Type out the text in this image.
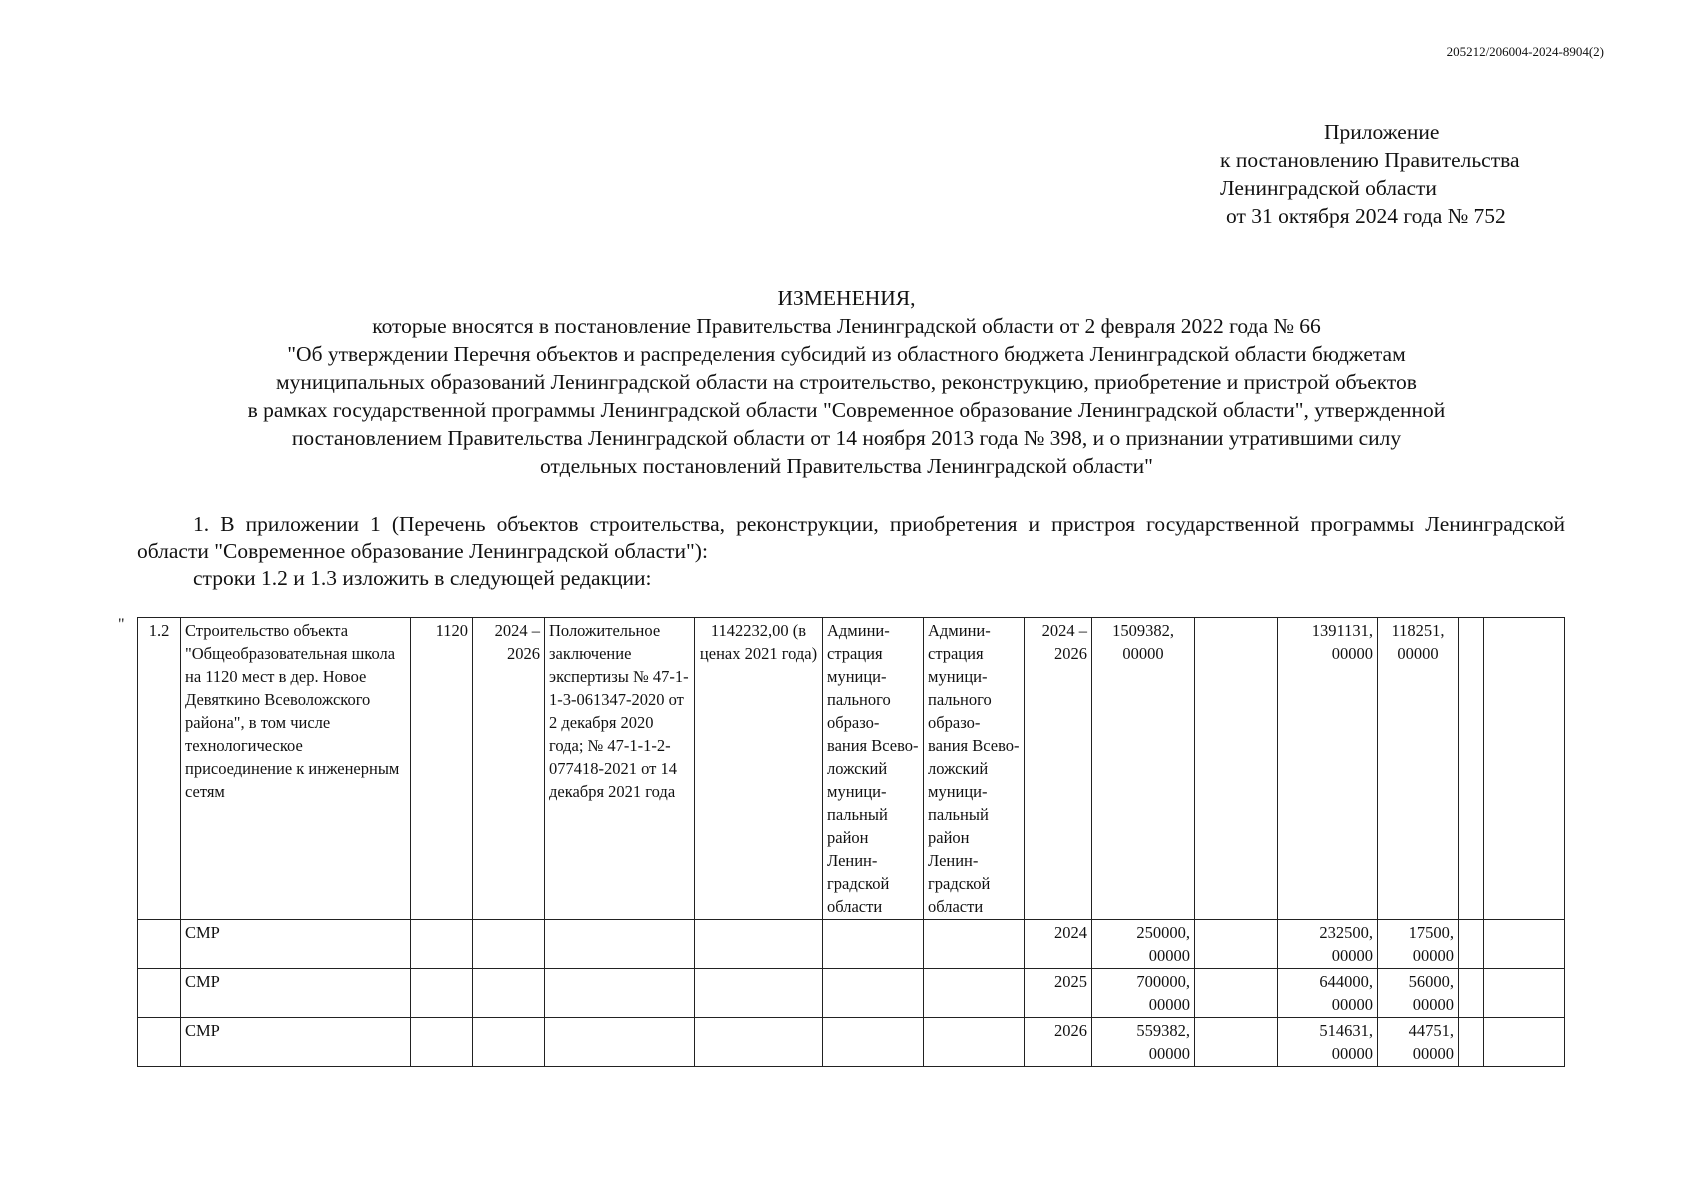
205212/206004-2024-8904(2)
Приложение
к постановлению Правительства
Ленинградской области
от 31 октября 2024 года № 752
ИЗМЕНЕНИЯ,
которые вносятся в постановление Правительства Ленинградской области от 2 февраля 2022 года № 66
"Об утверждении Перечня объектов и распределения субсидий из областного бюджета Ленинградской области бюджетам
муниципальных образований Ленинградской области на строительство, реконструкцию, приобретение и пристрой объектов
в рамках государственной программы Ленинградской области "Современное образование Ленинградской области", утвержденной
постановлением Правительства Ленинградской области от 14 ноября 2013 года № 398, и о признании утратившими силу
отдельных постановлений Правительства Ленинградской области"
1. В приложении 1 (Перечень объектов строительства, реконструкции, приобретения и пристроя государственной программы Ленинградской области "Современное образование Ленинградской области"):
строки 1.2 и 1.3 изложить в следующей редакции:
" 1.2	Строительство объекта "Общеобразовательная школа на 1120 мест в дер. Новое Девяткино Всеволожского района", в том числе технологическое присоединение к инженерным сетям	1120	2024 – 2026	Положительное заключение экспертизы № 47-1-1-3-061347-2020 от 2 декабря 2020 года; № 47-1-1-2-077418-2021 от 14 декабря 2021 года	1142232,00 (в ценах 2021 года)	Админи-страция муници-пального образо-вания Всево-ложский муници-пальный район Ленин-градской области	Админи-страция муници-пального образо-вания Всево-ложский муници-пальный район Ленин-градской области	2024 – 2026	1509382, 00000		1391131, 00000	118251, 00000		
	СМР							2024	250000, 00000		232500, 00000	17500, 00000		
	СМР							2025	700000, 00000		644000, 00000	56000, 00000		
	СМР							2026	559382, 00000		514631, 00000	44751, 00000		
